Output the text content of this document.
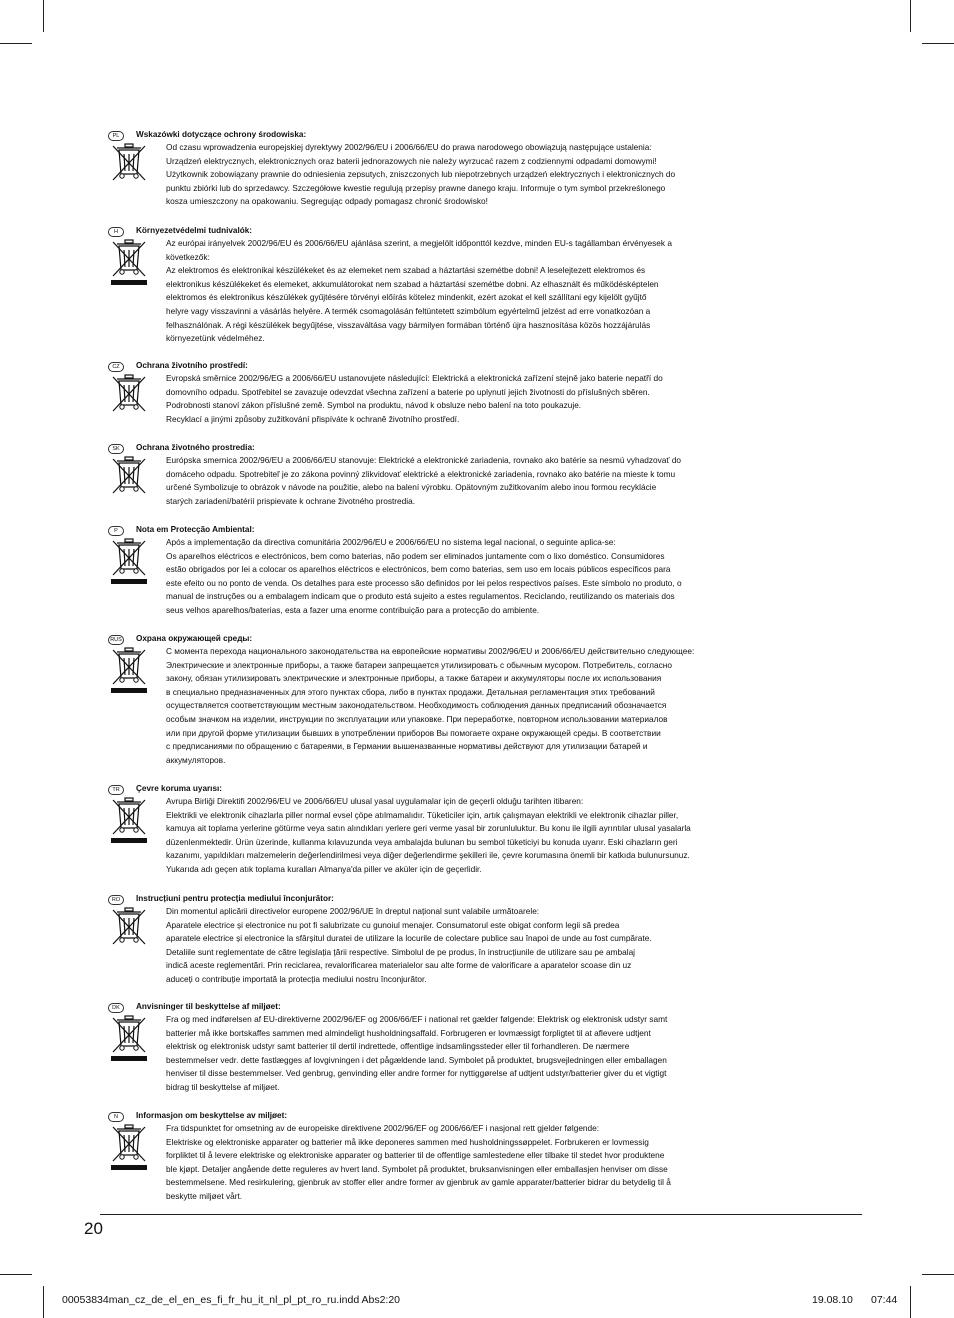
PL	Wskazówki dotyczące ochrony środowiska:
Od czasu wprowadzenia europejskiej dyrektywy 2002/96/EU i 2006/66/EU do prawa narodowego obowiązują następujące ustalenia:
Urządzeń elektrycznych, elektronicznych oraz baterii jednorazowych nie należy wyrzucać razem z codziennymi odpadami domowymi!
Użytkownik zobowiązany prawnie do odniesienia zepsutych, zniszczonych lub niepotrzebnych urządzeń elektrycznych i elektronicznych do
punktu zbiórki lub do sprzedawcy. Szczegółowe kwestie regulują przepisy prawne danego kraju. Informuje o tym symbol przekreślonego
kosza umieszczony na opakowaniu. Segregując odpady pomagasz chronić środowisko!
H	Környezetvédelmi tudnivalók:
Az európai irányelvek 2002/96/EU és 2006/66/EU ajánlása szerint, a megjelölt időponttól kezdve, minden EU-s tagállamban érvényesek a
következők:
Az elektromos és elektronikai készülékeket és az elemeket nem szabad a háztartási szemétbe dobni! A leselejtezett elektromos és
elektronikus készülékeket és elemeket, akkumulátorokat nem szabad a háztartási szemétbe dobni. Az elhasznált és működésképtelen
elektromos és elektronikus készülékek gyűjtésére törvényi előírás kötelez mindenkit, ezért azokat el kell szállítani egy kijelölt gyűjtő
helyre vagy visszavinni a vásárlás helyére. A termék csomagolásán feltüntetett szimbólum egyértelmű jelzést ad erre vonatkozóan a
felhasználónak. A régi készülékek begyűjtése, visszaváltása vagy bármilyen formában történő újra hasznosítása közös hozzájárulás
környezetünk védelméhez.
CZ	Ochrana životního prostředí:
Evropská směrnice 2002/96/EG a 2006/66/EU ustanovujete následující: Elektrická a elektronická zařízení stejně jako baterie nepatří do
domovního odpadu. Spotřebitel se zavazuje odevzdat všechna zařízení a baterie po uplynutí jejich životnosti do příslušných sběren.
Podrobnosti stanoví zákon příslušné země. Symbol na produktu, návod k obsluze nebo balení na toto poukazuje.
Recyklací a jinými způsoby zužitkování přispíváte k ochraně životního prostředí.
SK	Ochrana životného prostredia:
Európska smernica 2002/96/EU a 2006/66/EU stanovuje: Elektrické a elektronické zariadenia, rovnako ako batérie sa nesmú vyhadzovať do
domáceho odpadu. Spotrebiteľ je zo zákona povinný zlikvidovať elektrické a elektronické zariadenia, rovnako ako batérie na mieste k tomu
určené Symbolizuje to obrázok v návode na použitie, alebo na balení výrobku. Opätovným zužitkovaním alebo inou formou recyklácie
starých zariadení/batérií prispievate k ochrane životného prostredia.
P	Nota em Protecção Ambiental:
Após a implementação da directiva comunitária 2002/96/EU e 2006/66/EU no sistema legal nacional, o seguinte aplica-se:
Os aparelhos eléctricos e electrónicos, bem como baterias, não podem ser eliminados juntamente com o lixo doméstico. Consumidores
estão obrigados por lei a colocar os aparelhos eléctricos e electrónicos, bem como baterias, sem uso em locais públicos específicos para
este efeito ou no ponto de venda. Os detalhes para este processo são definidos por lei pelos respectivos países. Este símbolo no produto, o
manual de instruções ou a embalagem indicam que o produto está sujeito a estes regulamentos. Reciclando, reutilizando os materiais dos
seus velhos aparelhos/baterias, esta a fazer uma enorme contribuição para a protecção do ambiente.
RUS Охрана окружающей среды:
С момента перехода национального законодательства на европейские нормативы 2002/96/EU и 2006/66/EU действительно следующее:
Электрические и электронные приборы, а также батареи запрещается утилизировать с обычным мусором. Потребитель, согласно
закону, обязан утилизировать электрические и электронные приборы, а также батареи и аккумуляторы после их использования
в специально предназначенных для этого пунктах сбора, либо в пунктах продажи. Детальная регламентация этих требований
осуществляется соответствующим местным законодательством. Необходимость соблюдения данных предписаний обозначается
особым значком на изделии, инструкции по эксплуатации или упаковке. При переработке, повторном использовании материалов
или при другой форме утилизации бывших в употреблении приборов Вы помогаете охране окружающей среды. В соответствии
с предписаниями по обращению с батареями, в Германии вышеназванные нормативы действуют для утилизации батарей и
аккумуляторов.
TR	Çevre koruma uyarısı:
Avrupa Birliği Direktifi 2002/96/EU ve 2006/66/EU ulusal yasal uygulamalar için de geçerli olduğu tarihten itibaren:
Elektrikli ve elektronik cihazlarla piller normal evsel çöpe atılmamalıdır. Tüketiciler için, artık çalışmayan elektrikli ve elektronik cihazlar piller,
kamuya ait toplama yerlerine götürme veya satın alındıkları yerlere geri verme yasal bir zorunluluktur. Bu konu ile ilgili ayrıntılar ulusal yasalarla
düzenlenmektedir. Ürün üzerinde, kullanma kılavuzunda veya ambalajda bulunan bu sembol tüketiciyi bu konuda uyarır. Eski cihazların geri
kazanımı, yapıldıkları malzemelerin değerlendirilmesi veya diğer değerlendirme şekilleri ile, çevre korumasına önemli bir katkıda bulunursunuz.
Yukarıda adı geçen atık toplama kuralları Almanya'da piller ve aküler için de geçerlidir.
RO	Instrucțiuni pentru protecția mediului înconjurător:
Din momentul aplicării directivelor europene 2002/96/UE în dreptul național sunt valabile următoarele:
Aparatele electrice și electronice nu pot fi salubrizate cu gunoiul menajer. Consumatorul este obigat conform legii să predea
aparatele electrice și electronice la sfârșitul duratei de utilizare la locurile de colectare publice sau înapoi de unde au fost cumpărate.
Detaliile sunt reglementate de către legislația țării respective. Simbolul de pe produs, în instrucțiunile de utilizare sau pe ambalaj
indică aceste reglementări. Prin reciclarea, revalorificarea materialelor sau alte forme de valorificare a aparatelor scoase din uz
aduceți o contribuție importată la protecția mediului nostru înconjurător.
DK	Anvisninger til beskyttelse af miljøet:
Fra og med indførelsen af EU-direktiverne 2002/96/EF og 2006/66/EF i national ret gælder følgende: Elektrisk og elektronisk udstyr samt
batterier må ikke bortskaffes sammen med almindeligt husholdningsaffald. Forbrugeren er lovmæssigt forpligtet til at aflevere udtjent
elektrisk og elektronisk udstyr samt batterier til dertil indrettede, offentlige indsamlingssteder eller til forhandleren. De nærmere
bestemmelser vedr. dette fastlægges af lovgivningen i det pågældende land. Symbolet på produktet, brugsvejledningen eller emballagen
henviser til disse bestemmelser. Ved genbrug, genvinding eller andre former for nyttiggørelse af udtjent udstyr/batterier giver du et vigtigt
bidrag til beskyttelse af miljøet.
N	Informasjon om beskyttelse av miljøet:
Fra tidspunktet for omsetning av de europeiske direktivene 2002/96/EF og 2006/66/EF i nasjonal rett gjelder følgende:
Elektriske og elektroniske apparater og batterier må ikke deponeres sammen med husholdningssøppelet. Forbrukeren er lovmessig
forpliktet til å levere elektriske og elektroniske apparater og batterier til de offentlige samlestedene eller tilbake til stedet hvor produktene
ble kjøpt. Detaljer angående dette reguleres av hvert land. Symbolet på produktet, bruksanvisningen eller emballasjen henviser om disse
bestemmelsene. Med resirkulering, gjenbruk av stoffer eller andre former av gjenbruk av gamle apparater/batterier bidrar du betydelig til å
beskytte miljøet vårt.
20
00053834man_cz_de_el_en_es_fi_fr_hu_it_nl_pl_pt_ro_ru.indd Abs2:20	19.08.10 07:44
